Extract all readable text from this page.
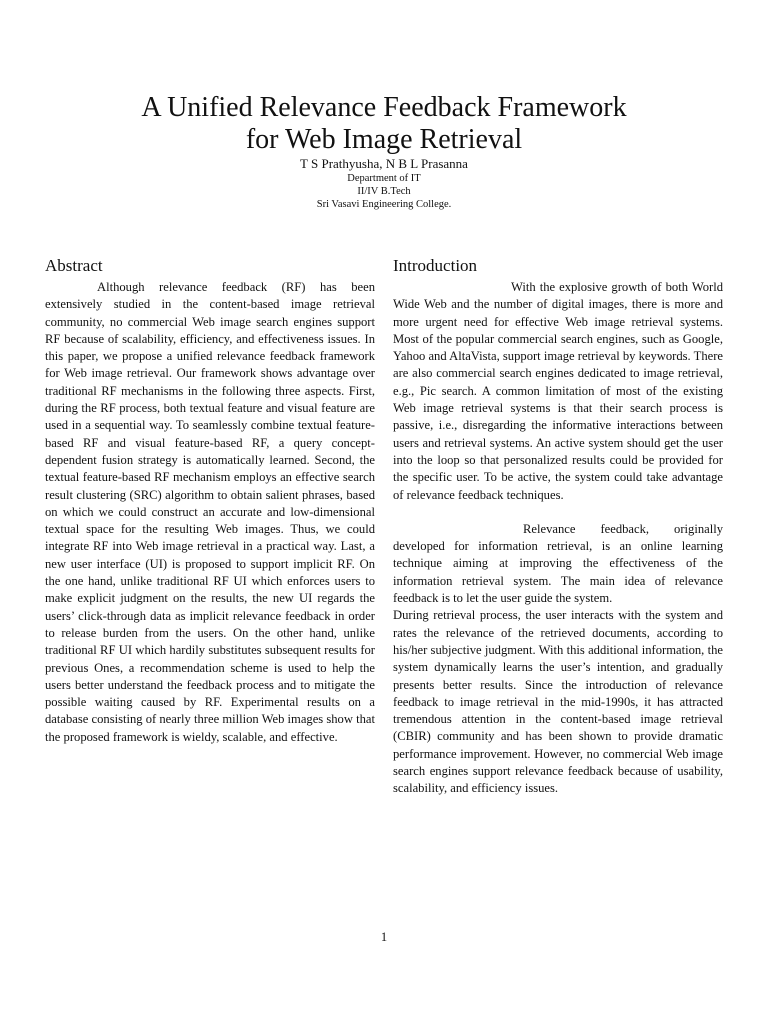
A Unified Relevance Feedback Framework
for Web Image Retrieval
T S Prathyusha, N B L Prasanna
Department of IT
II/IV B.Tech
Sri Vasavi Engineering College.
Abstract

Although relevance feedback (RF) has been extensively studied in the content-based image retrieval community, no commercial Web image search engines support RF because of scalability, efficiency, and effectiveness issues. In this paper, we propose a unified relevance feedback framework for Web image retrieval. Our framework shows advantage over traditional RF mechanisms in the following three aspects. First, during the RF process, both textual feature and visual feature are used in a sequential way. To seamlessly combine textual feature-based RF and visual feature-based RF, a query concept-dependent fusion strategy is automatically learned. Second, the textual feature-based RF mechanism employs an effective search result clustering (SRC) algorithm to obtain salient phrases, based on which we could construct an accurate and low-dimensional textual space for the resulting Web images. Thus, we could integrate RF into Web image retrieval in a practical way. Last, a new user interface (UI) is proposed to support implicit RF. On the one hand, unlike traditional RF UI which enforces users to make explicit judgment on the results, the new UI regards the users’ click-through data as implicit relevance feedback in order to release burden from the users. On the other hand, unlike traditional RF UI which hardily substitutes subsequent results for previous Ones, a recommendation scheme is used to help the users better understand the feedback process and to mitigate the possible waiting caused by RF. Experimental results on a database consisting of nearly three million Web images show that the proposed framework is wieldy, scalable, and effective.

Introduction

With the explosive growth of both World Wide Web and the number of digital images, there is more and more urgent need for effective Web image retrieval systems. Most of the popular commercial search engines, such as Google, Yahoo and AltaVista, support image retrieval by keywords. There are also commercial search engines dedicated to image retrieval, e.g., Pic search. A common limitation of most of the existing Web image retrieval systems is that their search process is passive, i.e., disregarding the informative interactions between users and retrieval systems. An active system should get the user into the loop so that personalized results could be provided for the specific user. To be active, the system could take advantage of relevance feedback techniques.

Relevance feedback, originally developed for information retrieval, is an online learning technique aiming at improving the effectiveness of the information retrieval system. The main idea of relevance feedback is to let the user guide the system.

During retrieval process, the user interacts with the system and rates the relevance of the retrieved documents, according to his/her subjective judgment. With this additional information, the system dynamically learns the user’s intention, and gradually presents better results. Since the introduction of relevance feedback to image retrieval in the mid-1990s, it has attracted tremendous attention in the content-based image retrieval (CBIR) community and has been shown to provide dramatic performance improvement. However, no commercial Web image search engines support relevance feedback because of usability, scalability, and efficiency issues.

1
